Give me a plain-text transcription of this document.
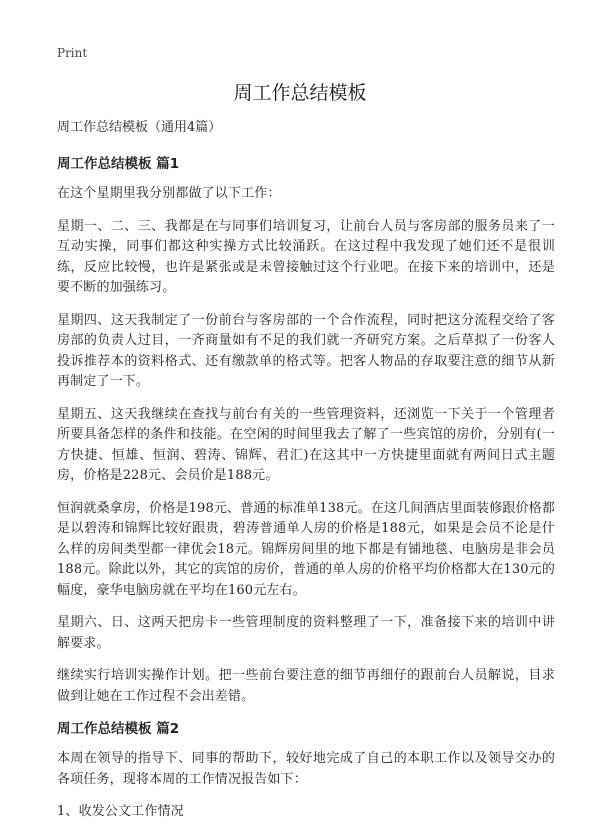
Print
周工作总结模板

周工作总结模板（通用4篇）

周工作总结模板 篇1

在这个星期里我分别都做了以下工作：

星期一、二、三、我都是在与同事们培训复习，让前台人员与客房部的服务员来了一互动实操，同事们都这种实操方式比较涌跃。在这过程中我发现了她们还不是很训练，反应比较慢，也许是紧张或是未曾接触过这个行业吧。在接下来的培训中，还是要不断的加强练习。

星期四、这天我制定了一份前台与客房部的一个合作流程，同时把这分流程交给了客房部的负责人过目，一齐商量如有不足的我们就一齐研究方案。之后草拟了一份客人投诉推荐本的资料格式、还有缴款单的格式等。把客人物品的存取要注意的细节从新再制定了一下。

星期五、这天我继续在查找与前台有关的一些管理资料，还浏览一下关于一个管理者所要具备怎样的条件和技能。在空闲的时间里我去了解了一些宾馆的房价，分别有(一方快捷、恒雄、恒润、碧涛、锦辉、君汇)在这其中一方快捷里面就有两间日式主题房，价格是228元、会员价是188元。

恒润就桑拿房，价格是198元、普通的标准单138元。在这几间酒店里面装修跟价格都是以碧涛和锦辉比较好跟贵，碧涛普通单人房的价格是188元，如果是会员不论是什么样的房间类型都一律优会18元。锦辉房间里的地下都是有铺地毯、电脑房是非会员188元。除此以外，其它的宾馆的房价，普通的单人房的价格平均价格都大在130元的幅度，豪华电脑房就在平均在160元左右。

星期六、日、这两天把房卡一些管理制度的资料整理了一下，准备接下来的培训中讲解要求。

继续实行培训实操作计划。把一些前台要注意的细节再细仔的跟前台人员解说，目求做到让她在工作过程不会出差错。

周工作总结模板 篇2

本周在领导的指导下、同事的帮助下，较好地完成了自己的本职工作以及领导交办的各项任务，现将本周的工作情况报告如下：

1、收发公文工作情况
